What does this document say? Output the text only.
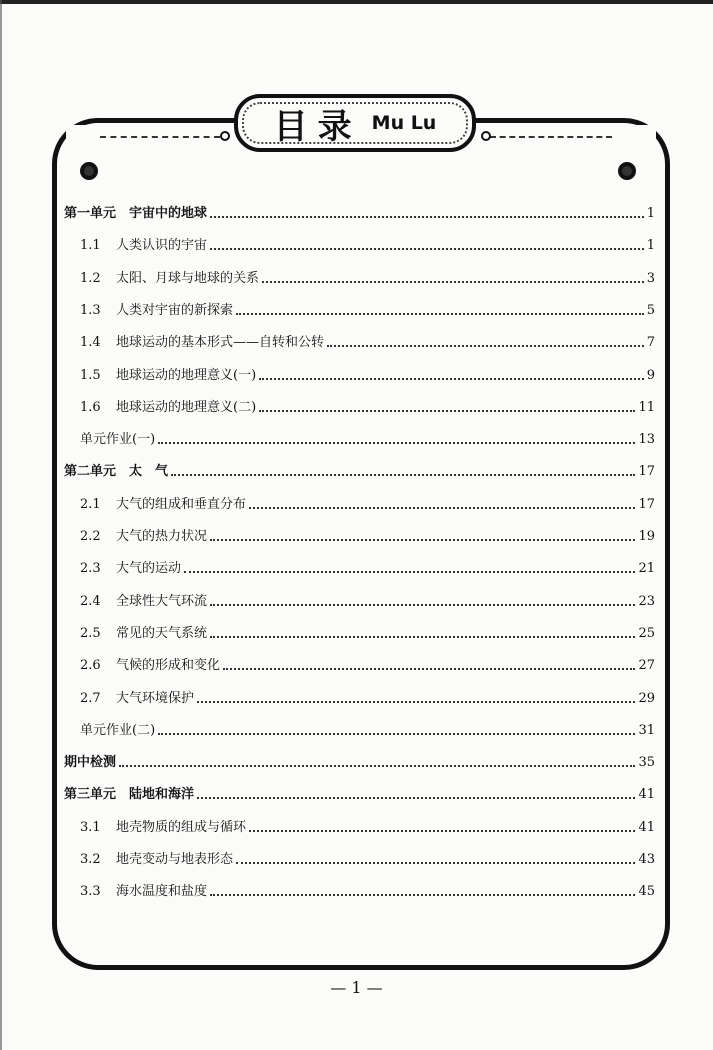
目录 Mu Lu
第一单元　宇宙中的地球	1
1.1	人类认识的宇宙	1
1.2	太阳、月球与地球的关系	3
1.3	人类对宇宙的新探索	5
1.4	地球运动的基本形式——自转和公转	7
1.5	地球运动的地理意义(一)	9
1.6	地球运动的地理意义(二)	11
单元作业(一)	13
第二单元　太　气	17
2.1	大气的组成和垂直分布	17
2.2	大气的热力状况	19
2.3	大气的运动	21
2.4	全球性大气环流	23
2.5	常见的天气系统	25
2.6	气候的形成和变化	27
2.7	大气环境保护	29
单元作业(二)	31
期中检测	35
第三单元　陆地和海洋	41
3.1	地壳物质的组成与循环	41
3.2	地壳变动与地表形态	43
3.3	海水温度和盐度	45
— 1 —
